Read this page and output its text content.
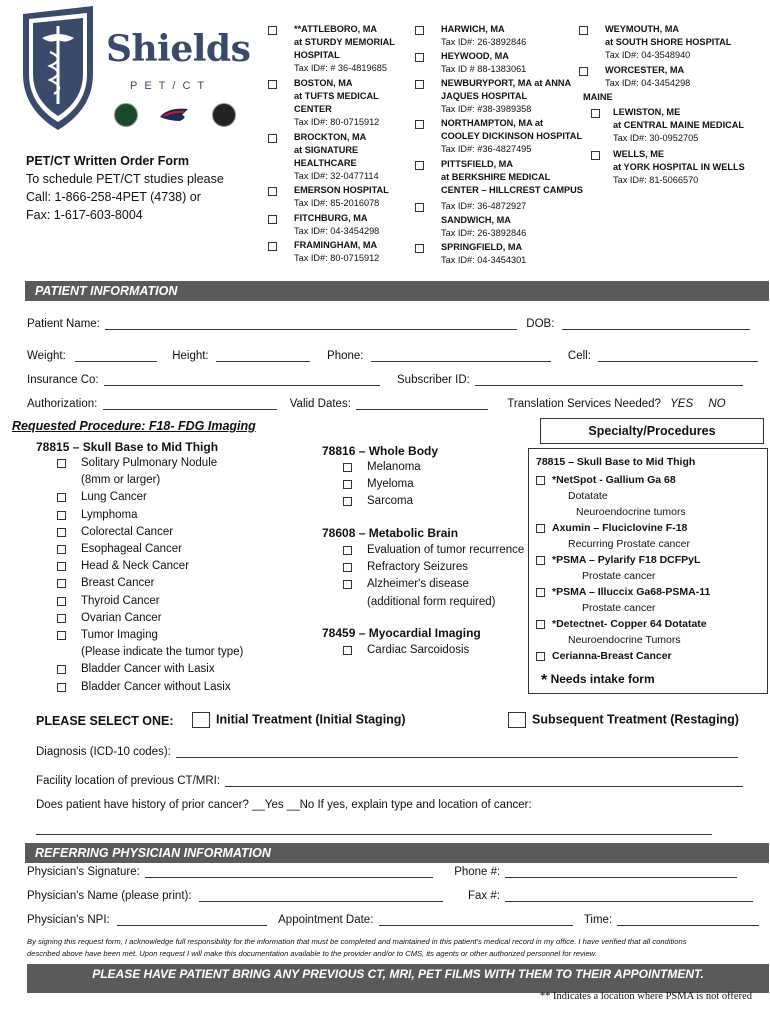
Shields
PET/CT
PET/CT Written Order Form
To schedule PET/CT studies please
Call: 1-866-258-4PET (4738) or
Fax: 1-617-603-8004
**ATTLEBORO, MA
at STURDY MEMORIAL
HOSPITAL
Tax ID#: # 36-4819685
BOSTON, MA
at TUFTS MEDICAL
CENTER
Tax ID#: 80-0715912
BROCKTON, MA
at SIGNATURE
HEALTHCARE
Tax ID#: 32-0477114
EMERSON HOSPITAL
Tax ID#: 85-2016078
FITCHBURG, MA
Tax ID#: 04-3454298
FRAMINGHAM, MA
Tax ID#: 80-0715912
HARWICH, MA
Tax ID#: 26-3892846
HEYWOOD, MA
Tax ID # 88-1383061
NEWBURYPORT, MA at ANNA
JAQUES HOSPITAL
Tax ID#: #38-3989358
NORTHAMPTON, MA at
COOLEY DICKINSON HOSPITAL
Tax ID#: #36-4827495
PITTSFIELD, MA
at BERKSHIRE MEDICAL
CENTER – HILLCREST CAMPUS
Tax ID#: 36-4872927
SANDWICH, MA
Tax ID#: 26-3892846
SPRINGFIELD, MA
Tax ID#: 04-3454301
WEYMOUTH, MA
at SOUTH SHORE HOSPITAL
Tax ID#: 04-3548940
WORCESTER, MA
Tax ID#: 04-3454298
MAINE
LEWISTON, ME
at CENTRAL MAINE MEDICAL
Tax ID#: 30-0952705
WELLS, ME
at YORK HOSPITAL IN WELLS
Tax ID#: 81-5066570
PATIENT INFORMATION
Patient Name:	DOB:
Weight:	Height:	Phone:	Cell:
Insurance Co:	Subscriber ID:
Authorization:	Valid Dates:	Translation Services Needed? YES NO
Requested Procedure: F18- FDG Imaging
78815 – Skull Base to Mid Thigh
Solitary Pulmonary Nodule
(8mm or larger)
Lung Cancer
Lymphoma
Colorectal Cancer
Esophageal Cancer
Head & Neck Cancer
Breast Cancer
Thyroid Cancer
Ovarian Cancer
Tumor Imaging
(Please indicate the tumor type)
Bladder Cancer with Lasix
Bladder Cancer without Lasix
78816 – Whole Body
Melanoma
Myeloma
Sarcoma
78608 – Metabolic Brain
Evaluation of tumor recurrence
Refractory Seizures
Alzheimer's disease
(additional form required)
78459 – Myocardial Imaging
Cardiac Sarcoidosis
Specialty/Procedures
78815 – Skull Base to Mid Thigh
*NetSpot - Gallium Ga 68
Dotatate
Neuroendocrine tumors
Axumin – Fluciclovine F-18
Recurring Prostate cancer
*PSMA – Pylarify F18 DCFPyL
Prostate cancer
*PSMA – Illuccix Ga68-PSMA-11
Prostate cancer
*Detectnet- Copper 64 Dotatate
Neuroendocrine Tumors
Cerianna-Breast Cancer
* Needs intake form
PLEASE SELECT ONE:	Initial Treatment (Initial Staging)	Subsequent Treatment (Restaging)
Diagnosis (ICD-10 codes):
Facility location of previous CT/MRI:
Does patient have history of prior cancer? __Yes __No If yes, explain type and location of cancer:
REFERRING PHYSICIAN INFORMATION
Physician's Signature:	Phone #:
Physician's Name (please print):	Fax #:
Physician's NPI:	Appointment Date:	Time:
By signing this request form, I acknowledge full responsibility for the information that must be completed and maintained in this patient's medical record in my office. I have verified that all conditions described above have been met. Upon request I will make this documentation available to the provider and/or to CMS, its agents or other authorized personnel for review.
PLEASE HAVE PATIENT BRING ANY PREVIOUS CT, MRI, PET FILMS WITH THEM TO THEIR APPOINTMENT.
** Indicates a location where PSMA is not offered
